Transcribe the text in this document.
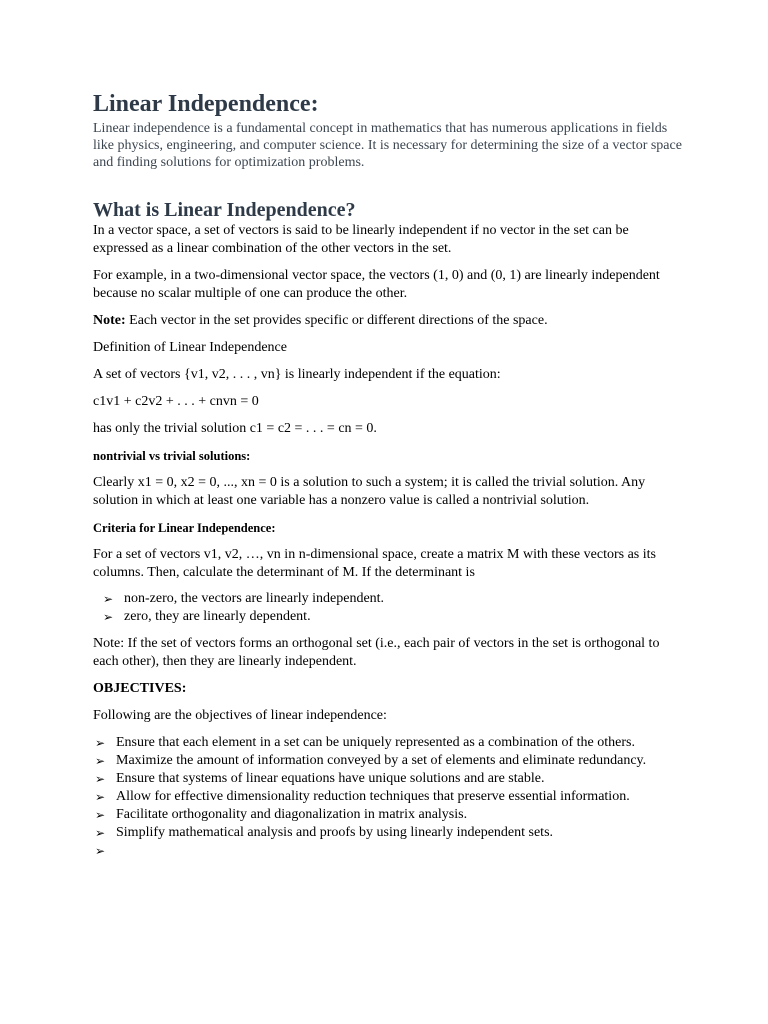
Linear Independence:

Linear independence is a fundamental concept in mathematics that has numerous applications in fields like physics, engineering, and computer science. It is necessary for determining the size of a vector space and finding solutions for optimization problems.

What is Linear Independence?

In a vector space, a set of vectors is said to be linearly independent if no vector in the set can be expressed as a linear combination of the other vectors in the set.

For example, in a two-dimensional vector space, the vectors (1, 0) and (0, 1) are linearly independent because no scalar multiple of one can produce the other.

Note: Each vector in the set provides specific or different directions of the space.

Definition of Linear Independence

A set of vectors {v1, v2, . . . , vn} is linearly independent if the equation:

c1v1 + c2v2 + . . . + cnvn = 0

has only the trivial solution c1 = c2 = . . . = cn = 0.

nontrivial vs trivial solutions:

Clearly x1 = 0, x2 = 0, ..., xn = 0 is a solution to such a system; it is called the trivial solution. Any solution in which at least one variable has a nonzero value is called a nontrivial solution.

Criteria for Linear Independence:

For a set of vectors v1, v2, …, vn in n-dimensional space, create a matrix M with these vectors as its columns. Then, calculate the determinant of M. If the determinant is

➢ non-zero, the vectors are linearly independent.
➢ zero, they are linearly dependent.

Note: If the set of vectors forms an orthogonal set (i.e., each pair of vectors in the set is orthogonal to each other), then they are linearly independent.

OBJECTIVES:

Following are the objectives of linear independence:

➢ Ensure that each element in a set can be uniquely represented as a combination of the others.
➢ Maximize the amount of information conveyed by a set of elements and eliminate redundancy.
➢ Ensure that systems of linear equations have unique solutions and are stable.
➢ Allow for effective dimensionality reduction techniques that preserve essential information.
➢ Facilitate orthogonality and diagonalization in matrix analysis.
➢ Simplify mathematical analysis and proofs by using linearly independent sets.
➢
